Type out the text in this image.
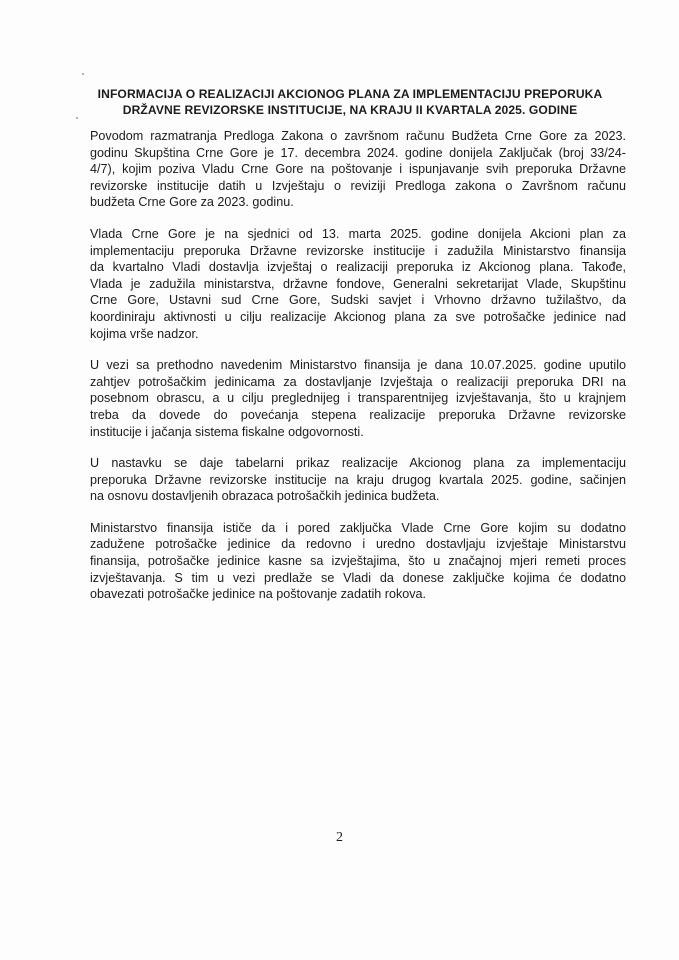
INFORMACIJA O REALIZACIJI AKCIONOG PLANA ZA IMPLEMENTACIJU PREPORUKA
DRŽAVNE REVIZORSKE INSTITUCIJE, NA KRAJU II KVARTALA 2025. GODINE

Povodom razmatranja Predloga Zakona o završnom računu Budžeta Crne Gore za 2023.
godinu Skupština Crne Gore je 17. decembra 2024. godine donijela Zaključak (broj 33/24-
4/7), kojim poziva Vladu Crne Gore na poštovanje i ispunjavanje svih preporuka Državne
revizorske institucije datih u Izvještaju o reviziji Predloga zakona o Završnom računu
budžeta Crne Gore za 2023. godinu.

Vlada Crne Gore je na sjednici od 13. marta 2025. godine donijela Akcioni plan za
implementaciju preporuka Državne revizorske institucije i zadužila Ministarstvo finansija
da kvartalno Vladi dostavlja izvještaj o realizaciji preporuka iz Akcionog plana. Takođe,
Vlada je zadužila ministarstva, državne fondove, Generalni sekretarijat Vlade, Skupštinu
Crne Gore, Ustavni sud Crne Gore, Sudski savjet i Vrhovno državno tužilaštvo, da
koordiniraju aktivnosti u cilju realizacije Akcionog plana za sve potrošačke jedinice nad
kojima vrše nadzor.

U vezi sa prethodno navedenim Ministarstvo finansija je dana 10.07.2025. godine uputilo
zahtjev potrošačkim jedinicama za dostavljanje Izvještaja o realizaciji preporuka DRI na
posebnom obrascu, a u cilju preglednijeg i transparentnijeg izvještavanja, što u krajnjem
treba da dovede do povećanja stepena realizacije preporuka Državne revizorske
institucije i jačanja sistema fiskalne odgovornosti.

U nastavku se daje tabelarni prikaz realizacije Akcionog plana za implementaciju
preporuka Državne revizorske institucije na kraju drugog kvartala 2025. godine, sačinjen
na osnovu dostavljenih obrazaca potrošačkih jedinica budžeta.

Ministarstvo finansija ističe da i pored zaključka Vlade Crne Gore kojim su dodatno
zadužene potrošačke jedinice da redovno i uredno dostavljaju izvještaje Ministarstvu
finansija, potrošačke jedinice kasne sa izvještajima, što u značajnoj mjeri remeti proces
izvještavanja. S tim u vezi predlaže se Vladi da donese zaključke kojima će dodatno
obavezati potrošačke jedinice na poštovanje zadatih rokova.

2
